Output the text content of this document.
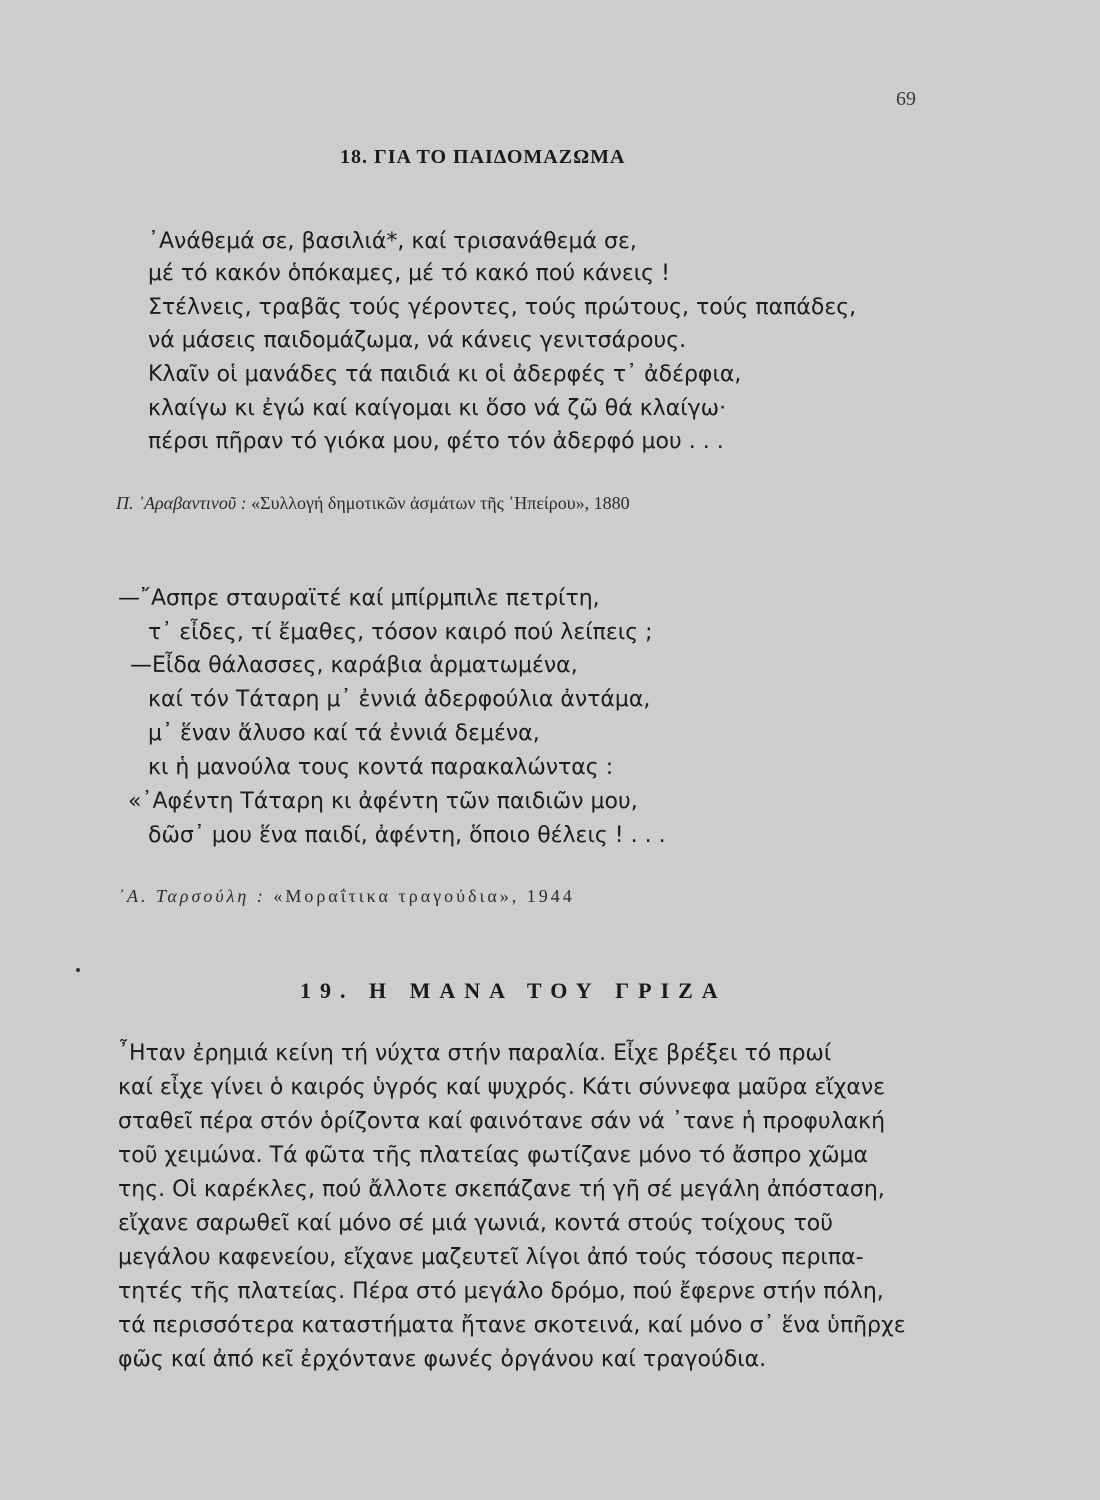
69
18. ΓΙΑ ΤΟ ΠΑΙΔΟΜΑΖΩΜΑ
᾿Ανάθεμά σε, βασιλιά*, καί τρισανάθεμά σε,
μέ τό κακόν ὁπόκαμες, μέ τό κακό πού κάνεις !
Στέλνεις, τραβᾶς τούς γέροντες, τούς πρώτους, τούς παπάδες,
νά μάσεις παιδομάζωμα, νά κάνεις γενιτσάρους.
Κλαῖν οἱ μανάδες τά παιδιά κι οἱ ἀδερφές τ᾿ ἀδέρφια,
κλαίγω κι ἐγώ καί καίγομαι κι ὅσο νά ζῶ θά κλαίγω·
πέρσι πῆραν τό γιόκα μου, φέτο τόν ἀδερφό μου . . .
Π. ᾿Αραβαντινοῦ : «Συλλογή δημοτικῶν ἀσμάτων τῆς ᾿Ηπείρου», 1880
—῎Ασπρε σταυραϊτέ καί μπίρμπιλε πετρίτη,
τ᾿ εἶδες, τί ἔμαθες, τόσον καιρό πού λείπεις ;
—Εἶδα θάλασσες, καράβια ἁρματωμένα,
καί τόν Τάταρη μ᾿ ἐννιά ἀδερφούλια ἀντάμα,
μ᾿ ἕναν ἅλυσο καί τά ἐννιά δεμένα,
κι ἡ μανούλα τους κοντά παρακαλώντας :
«᾿Αφέντη Τάταρη κι ἀφέντη τῶν παιδιῶν μου,
δῶσ᾿ μου ἕνα παιδί, ἀφέντη, ὅποιο θέλεις ! . . .
᾿Α. Ταρσούλη : «Μοραΐτικα τραγούδια», 1944
19. Η ΜΑΝΑ ΤΟΥ ΓΡΙΖΑ
῏Ηταν ἐρημιά κείνη τή νύχτα στήν παραλία. Εἶχε βρέξει τό πρωί
καί εἶχε γίνει ὁ καιρός ὑγρός καί ψυχρός. Κάτι σύννεφα μαῦρα εἴχανε
σταθεῖ πέρα στόν ὁρίζοντα καί φαινότανε σάν νά ᾿τανε ἡ προφυλακή
τοῦ χειμώνα. Τά φῶτα τῆς πλατείας φωτίζανε μόνο τό ἄσπρο χῶμα
της. Οἱ καρέκλες, πού ἄλλοτε σκεπάζανε τή γῆ σέ μεγάλη ἀπόσταση,
εἴχανε σαρωθεῖ καί μόνο σέ μιά γωνιά, κοντά στούς τοίχους τοῦ
μεγάλου καφενείου, εἴχανε μαζευτεῖ λίγοι ἀπό τούς τόσους περιπα-
τητές τῆς πλατείας. Πέρα στό μεγάλο δρόμο, πού ἔφερνε στήν πόλη,
τά περισσότερα καταστήματα ἤτανε σκοτεινά, καί μόνο σ᾿ ἕνα ὑπῆρχε
φῶς καί ἀπό κεῖ ἐρχόντανε φωνές ὀργάνου καί τραγούδια.
